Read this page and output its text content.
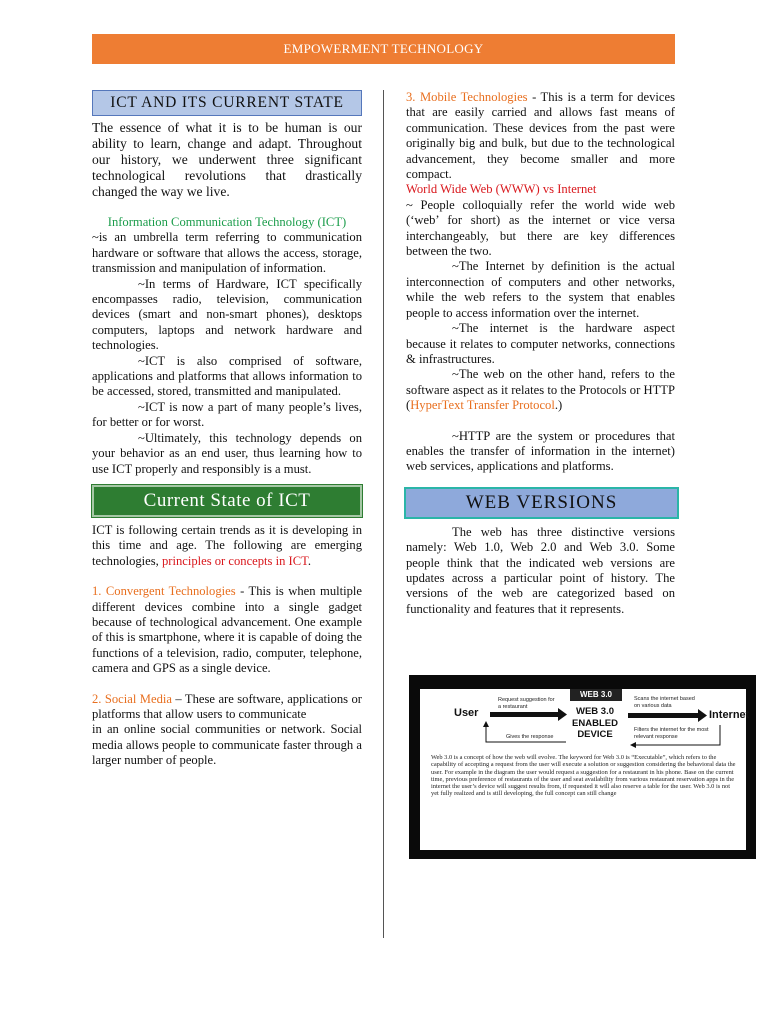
EMPOWERMENT TECHNOLOGY
ICT AND ITS CURRENT STATE

The essence of what it is to be human is our ability to learn, change and adapt. Throughout our history, we underwent three significant technological revolutions that drastically changed the way we live.

Information Communication Technology (ICT)

~is an umbrella term referring to communication hardware or software that allows the access, storage, transmission and manipulation of information.

~In terms of Hardware, ICT specifically encompasses radio, television, communication devices (smart and non-smart phones), desktops computers, laptops and network hardware and technologies.

~ICT is also comprised of software, applications and platforms that allows information to be accessed, stored, transmitted and manipulated.

~ICT is now a part of many people’s lives, for better or for worst.

~Ultimately, this technology depends on your behavior as an end user, thus learning how to use ICT properly and responsibly is a must.

Current State of ICT

ICT is following certain trends as it is developing in this time and age. The following are emerging technologies, principles or concepts in ICT.

1. Convergent Technologies - This is when multiple different devices combine into a single gadget because of technological advancement. One example of this is smartphone, where it is capable of doing the functions of a television, radio, computer, telephone, camera and GPS as a single device.

2. Social Media – These are software, applications or platforms that allow users to communicate

in an online social communities or network. Social media allows people to communicate faster through a larger number of people.

3. Mobile Technologies - This is a term for devices that are easily carried and allows fast means of communication. These devices from the past were originally big and bulk, but due to the technological advancement, they become smaller and more compact.

World Wide Web (WWW) vs Internet

~ People colloquially refer the world wide web (‘web’ for short) as the internet or vice versa interchangeably, but there are key differences between the two.

~The Internet by definition is the actual interconnection of computers and other networks, while the web refers to the system that enables people to access information over the internet.

~The internet is the hardware aspect because it relates to computer networks, connections & infrastructures.

~The web on the other hand, refers to the software aspect as it relates to the Protocols or HTTP (HyperText Transfer Protocol.)

~HTTP are the system or procedures that enables the transfer of information in the internet) web services, applications and platforms.

WEB VERSIONS

The web has three distinctive versions namely: Web 1.0, Web 2.0 and Web 3.0. Some people think that the indicated web versions are updates across a particular point of history. The versions of the web are categorized based on functionality and features that it represents.

WEB 3.0
User	WEB 3.0 ENABLED DEVICE
Internet
Request suggestion for a restaurant
Scans the internet based on various data
Filters the internet for the most relevant response
Gives the response
Web 3.0 is a concept of how the web will evolve. The keyword for Web 3.0 is “Executable”, which refers to the capability of accepting a request from the user will execute a solution or suggestion considering the behavioral data the user. For example in the diagram the user would request a suggestion for a restaurant in his phone. Base on the current time, previous preference of restaurants of the user and seat availability from various restaurant reservation apps in the internet the user’s device will suggest results from, if requested it will also reserve a table for the user. Web 3.0 is not yet fully realized and is still developing, the full concept can still change
